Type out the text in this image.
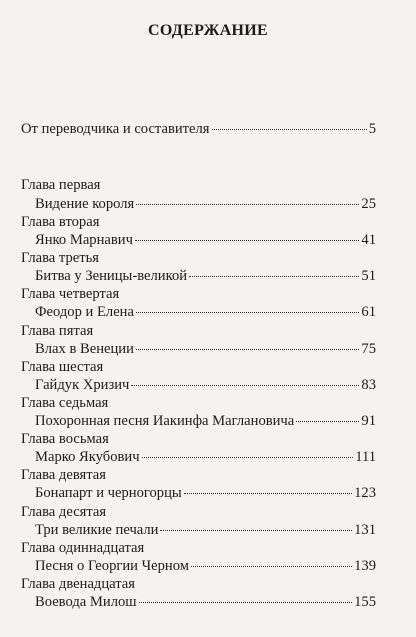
СОДЕРЖАНИЕ
От переводчика и составителя	5
Глава первая
Видение короля	25
Глава вторая
Янко Марнавич	41
Глава третья
Битва у Зеницы-великой	51
Глава четвертая
Феодор и Елена	61
Глава пятая
Влах в Венеции	75
Глава шестая
Гайдук Хризич	83
Глава седьмая
Похоронная песня Иакинфа Маглановича	91
Глава восьмая
Марко Якубович	111
Глава девятая
Бонапарт и черногорцы	123
Глава десятая
Три великие печали	131
Глава одиннадцатая
Песня о Георгии Черном	139
Глава двенадцатая
Воевода Милош	155
